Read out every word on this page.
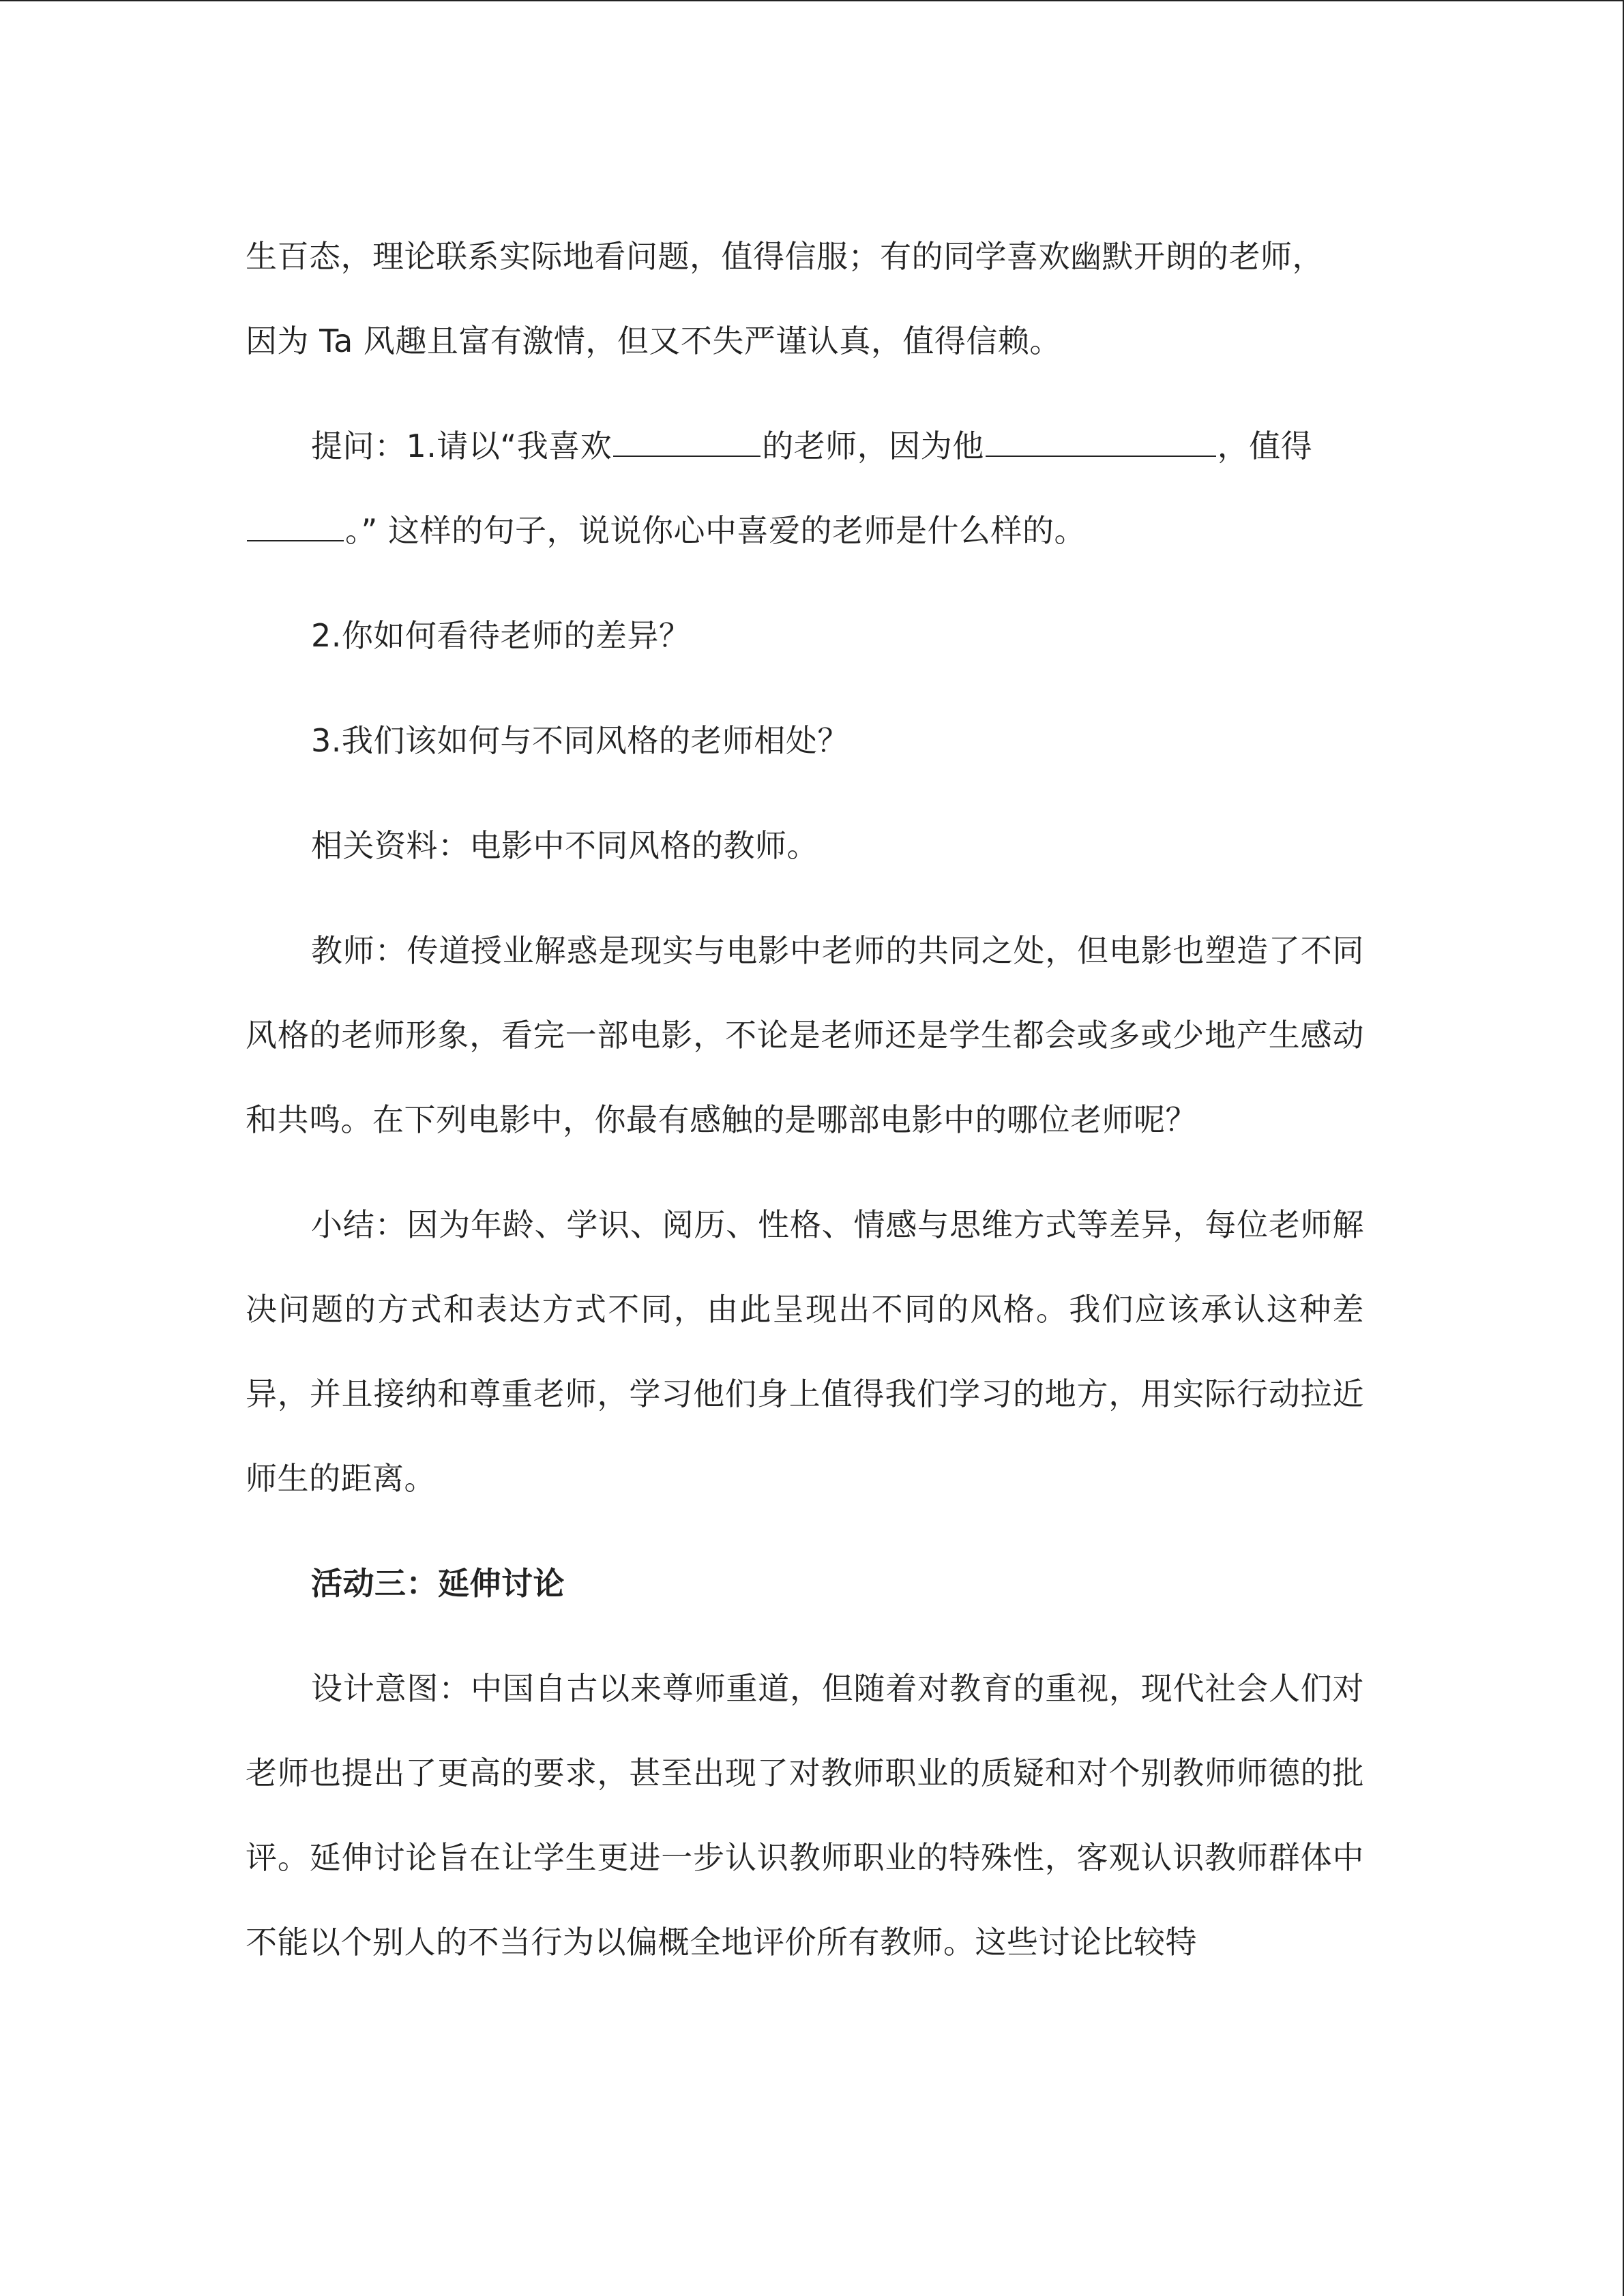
生百态，理论联系实际地看问题，值得信服；有的同学喜欢幽默开朗的老师，

因为 Ta 风趣且富有激情，但又不失严谨认真，值得信赖。

提问：1.请以“我喜欢	的老师，因为他	，值得
。” 这样的句子，说说你心中喜爱的老师是什么样的。

2.你如何看待老师的差异？

3.我们该如何与不同风格的老师相处？

相关资料：电影中不同风格的教师。

教师：传道授业解惑是现实与电影中老师的共同之处，但电影也塑造了不同风格的老师形象，看完一部电影，不论是老师还是学生都会或多或少地产生感动和共鸣。在下列电影中，你最有感触的是哪部电影中的哪位老师呢？

小结：因为年龄、学识、阅历、性格、情感与思维方式等差异，每位老师解决问题的方式和表达方式不同，由此呈现出不同的风格。我们应该承认这种差异，并且接纳和尊重老师，学习他们身上值得我们学习的地方，用实际行动拉近师生的距离。

活动三：延伸讨论

设计意图：中国自古以来尊师重道，但随着对教育的重视，现代社会人们对老师也提出了更高的要求，甚至出现了对教师职业的质疑和对个别教师师德的批评。延伸讨论旨在让学生更进一步认识教师职业的特殊性，客观认识教师群体中不能以个别人的不当行为以偏概全地评价所有教师。这些讨论比较特
